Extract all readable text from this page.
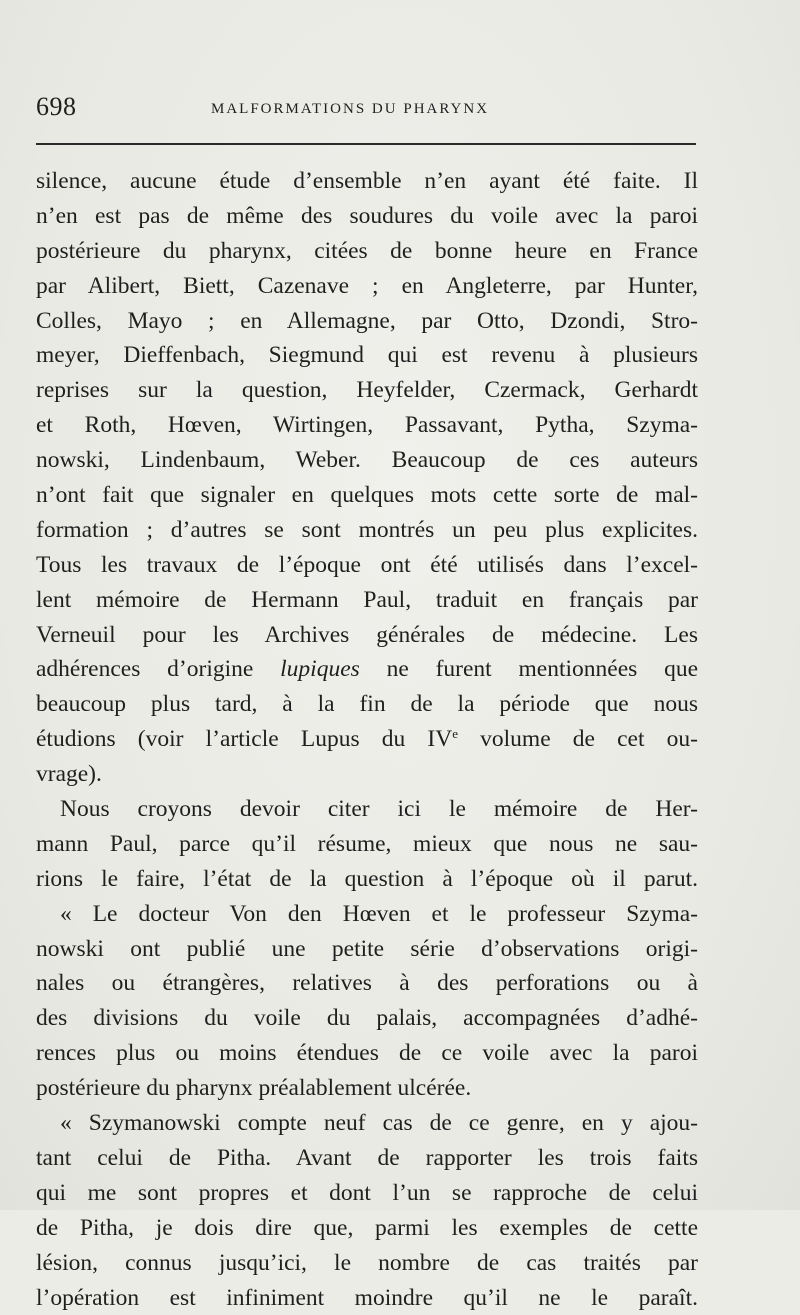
698	MALFORMATIONS DU PHARYNX
silence, aucune étude d’ensemble n’en ayant été faite. Il
n’en est pas de même des soudures du voile avec la paroi
postérieure du pharynx, citées de bonne heure en France
par Alibert, Biett, Cazenave ; en Angleterre, par Hunter,
Colles, Mayo ; en Allemagne, par Otto, Dzondi, Stro-
meyer, Dieffenbach, Siegmund qui est revenu à plusieurs
reprises sur la question, Heyfelder, Czermack, Gerhardt
et Roth, Hœven, Wirtingen, Passavant, Pytha, Szyma-
nowski, Lindenbaum, Weber. Beaucoup de ces auteurs
n’ont fait que signaler en quelques mots cette sorte de mal-
formation ; d’autres se sont montrés un peu plus explicites.
Tous les travaux de l’époque ont été utilisés dans l’excel-
lent mémoire de Hermann Paul, traduit en français par
Verneuil pour les Archives générales de médecine. Les
adhérences d’origine lupiques ne furent mentionnées que
beaucoup plus tard, à la fin de la période que nous
étudions (voir l’article Lupus du IVe volume de cet ou-
vrage).
Nous croyons devoir citer ici le mémoire de Her-
mann Paul, parce qu’il résume, mieux que nous ne sau-
rions le faire, l’état de la question à l’époque où il parut.
« Le docteur Von den Hœven et le professeur Szyma-
nowski ont publié une petite série d’observations origi-
nales ou étrangères, relatives à des perforations ou à
des divisions du voile du palais, accompagnées d’adhé-
rences plus ou moins étendues de ce voile avec la paroi
postérieure du pharynx préalablement ulcérée.
« Szymanowski compte neuf cas de ce genre, en y ajou-
tant celui de Pitha. Avant de rapporter les trois faits
qui me sont propres et dont l’un se rapproche de celui
de Pitha, je dois dire que, parmi les exemples de cette
lésion, connus jusqu’ici, le nombre de cas traités par
l’opération est infiniment moindre qu’il ne le paraît.
